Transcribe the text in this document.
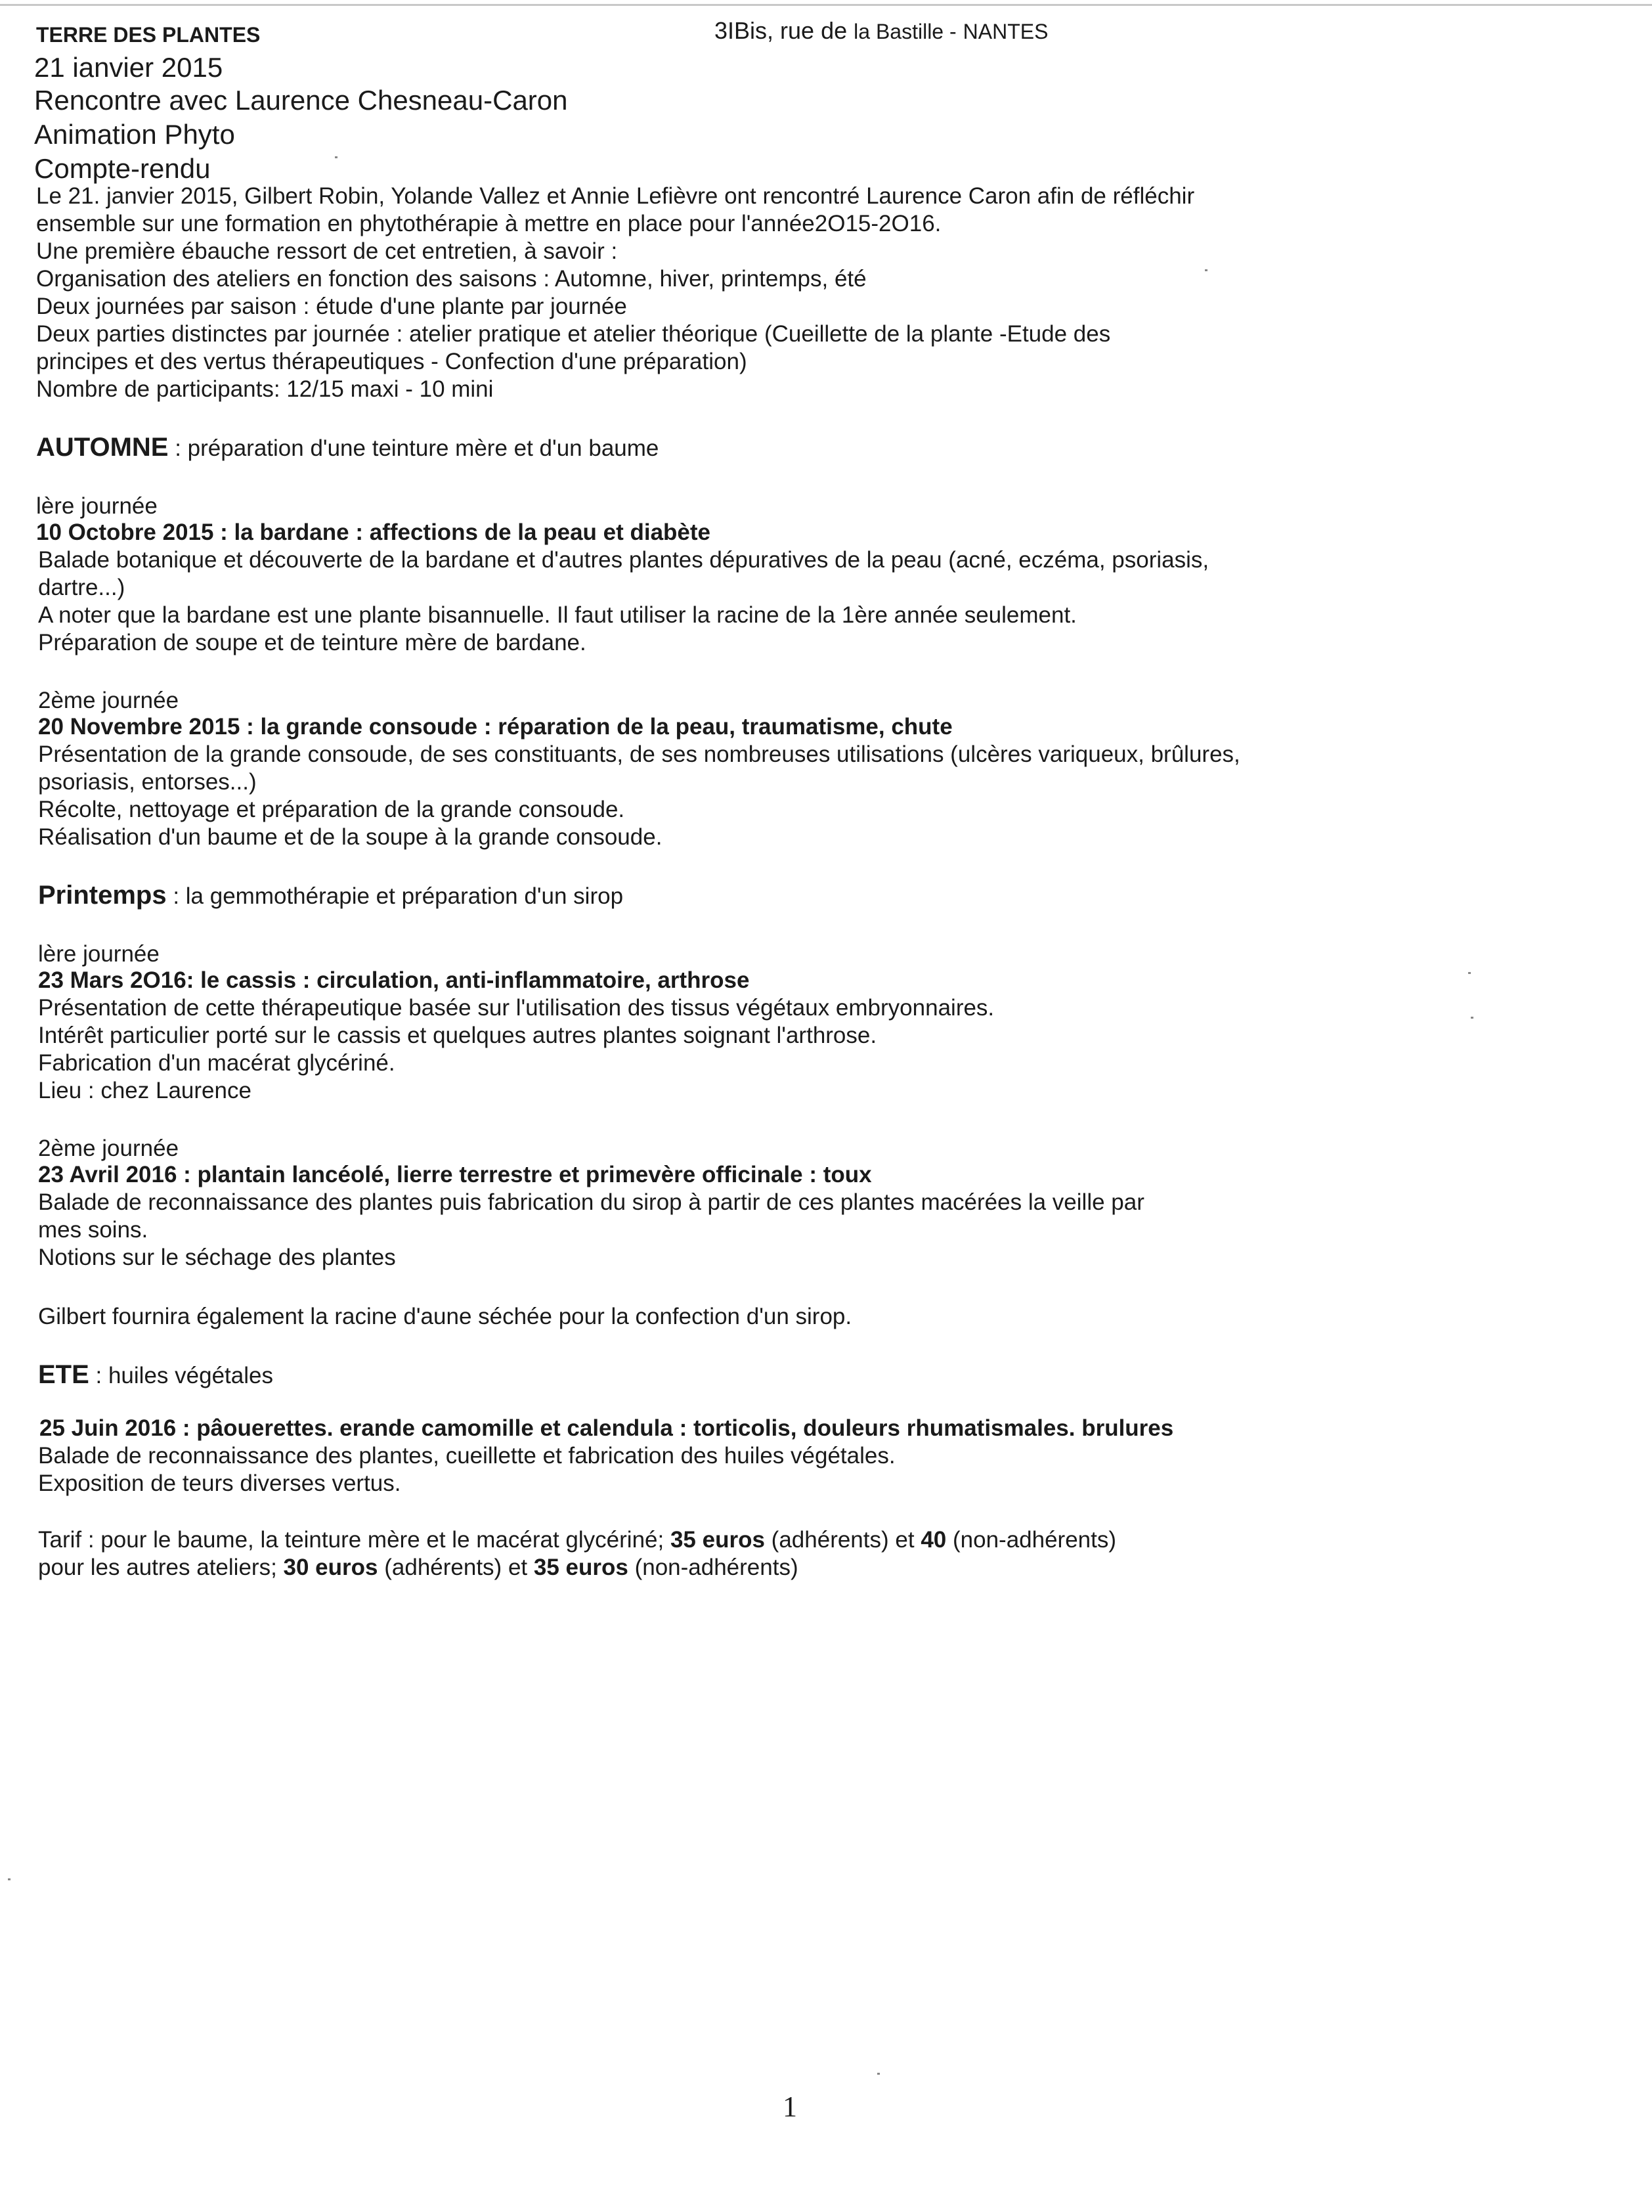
TERRE DES PLANTES	3IBis, rue de la Bastille - NANTES
21 ianvier 2015
Rencontre avec Laurence Chesneau-Caron
Animation Phyto
Compte-rendu
Le 21. janvier 2015, Gilbert Robin, Yolande Vallez et Annie Lefièvre ont rencontré Laurence Caron afin de réfléchir
ensemble sur une formation en phytothérapie à mettre en place pour l'année2O15-2O16.
Une première ébauche ressort de cet entretien, à savoir :
Organisation des ateliers en fonction des saisons : Automne, hiver, printemps, été
Deux journées par saison : étude d'une plante par journée
Deux parties distinctes par journée : atelier pratique et atelier théorique (Cueillette de la plante -Etude des
principes et des vertus thérapeutiques - Confection d'une préparation)
Nombre de participants: 12/15 maxi - 10 mini
AUTOMNE : préparation d'une teinture mère et d'un baume
lère journée
10 Octobre 2015 : la bardane : affections de la peau et diabète
Balade botanique et découverte de la bardane et d'autres plantes dépuratives de la peau (acné, eczéma, psoriasis,
dartre...)
A noter que la bardane est une plante bisannuelle. Il faut utiliser la racine de la 1ère année seulement.
Préparation de soupe et de teinture mère de bardane.
2ème journée
20 Novembre 2015 : la grande consoude : réparation de la peau, traumatisme, chute
Présentation de la grande consoude, de ses constituants, de ses nombreuses utilisations (ulcères variqueux, brûlures,
psoriasis, entorses...)
Récolte, nettoyage et préparation de la grande consoude.
Réalisation d'un baume et de la soupe à la grande consoude.
Printemps : la gemmothérapie et préparation d'un sirop
lère journée
23 Mars 2O16: le cassis : circulation, anti-inflammatoire, arthrose
Présentation de cette thérapeutique basée sur l'utilisation des tissus végétaux embryonnaires.
Intérêt particulier porté sur le cassis et quelques autres plantes soignant l'arthrose.
Fabrication d'un macérat glycériné.
Lieu : chez Laurence
2ème journée
23 Avril 2016 : plantain lancéolé, lierre terrestre et primevère officinale : toux
Balade de reconnaissance des plantes puis fabrication du sirop à partir de ces plantes macérées la veille par
mes soins.
Notions sur le séchage des plantes
Gilbert fournira également la racine d'aune séchée pour la confection d'un sirop.
ETE : huiles végétales
25 Juin 2016 : pâouerettes. erande camomille et calendula : torticolis, douleurs rhumatismales. brulures
Balade de reconnaissance des plantes, cueillette et fabrication des huiles végétales.
Exposition de teurs diverses vertus.
Tarif : pour le baume, la teinture mère et le macérat glycériné; 35 euros (adhérents) et 40 (non-adhérents)
pour les autres ateliers; 30 euros (adhérents) et 35 euros (non-adhérents)
1
